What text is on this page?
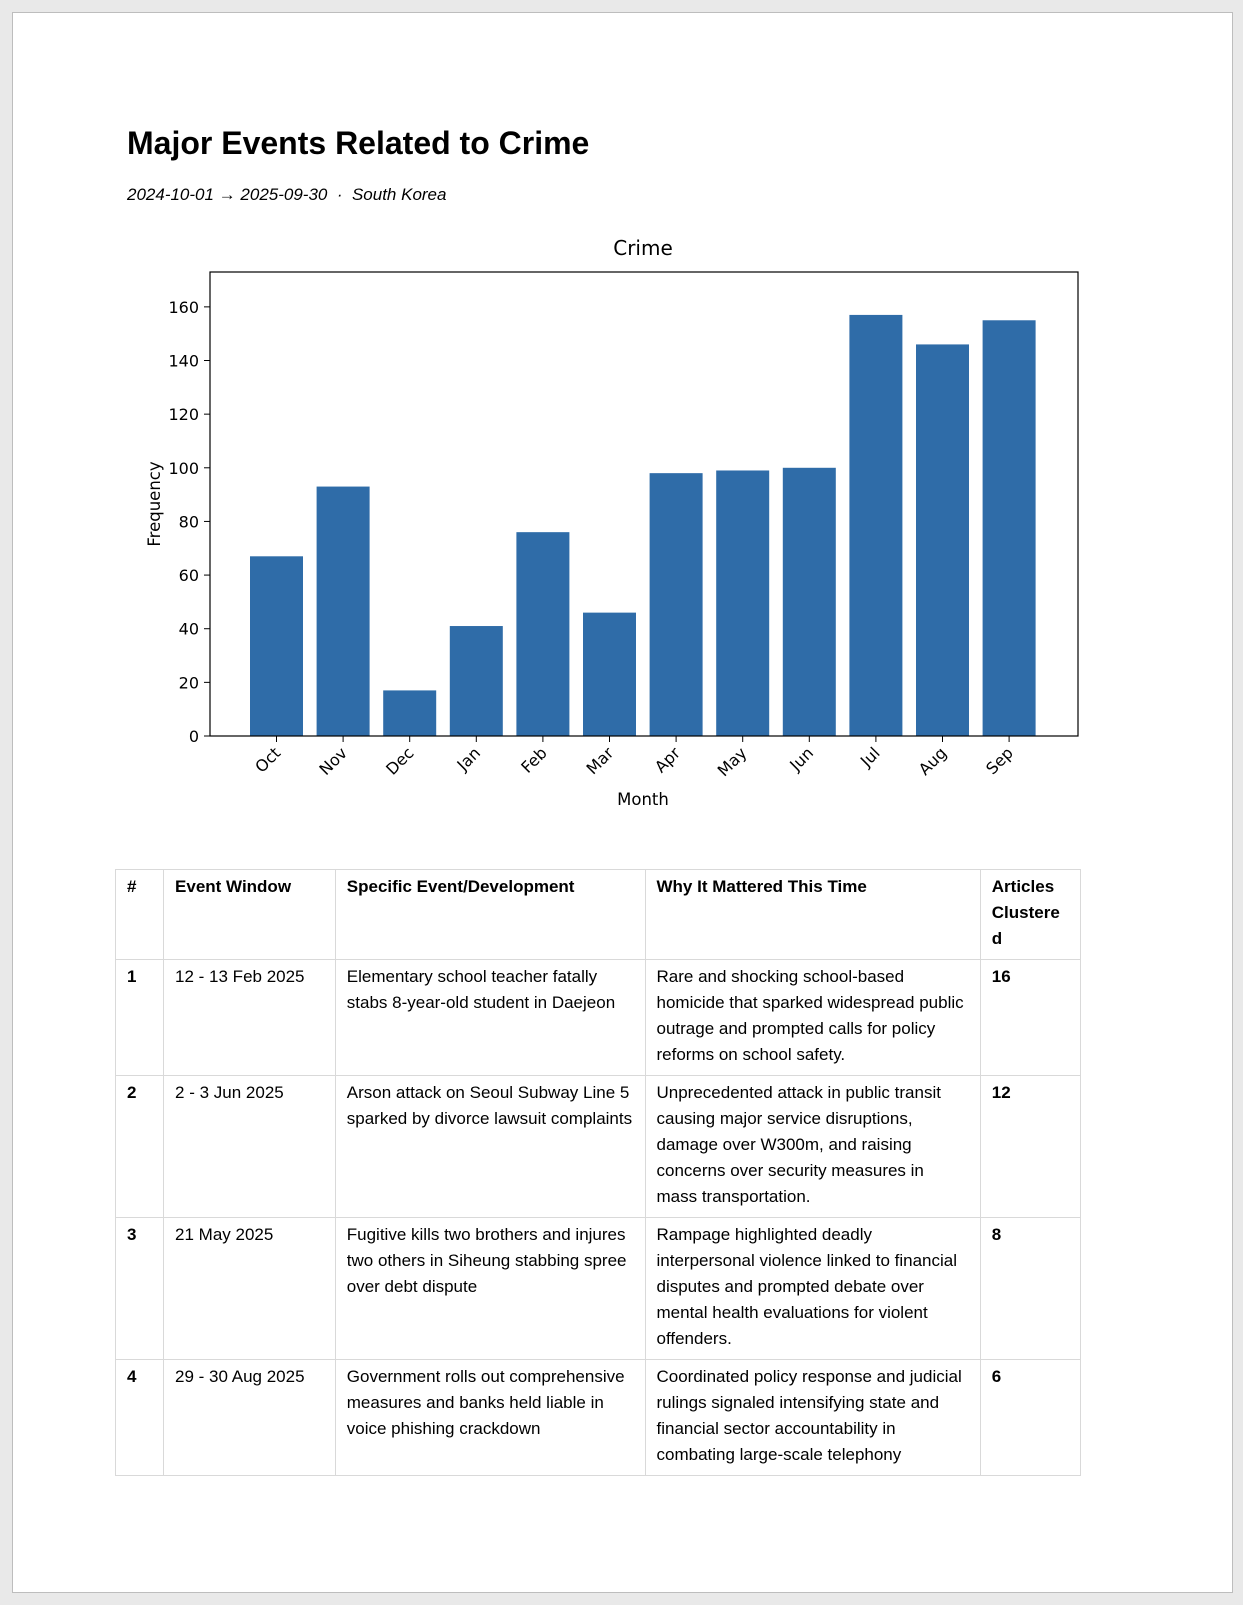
Major Events Related to Crime
2024-10-01 → 2025-09-30 · South Korea
Crime
0
20
40
60
80
100
120
140
160
Oct Nov Dec Jan Feb Mar Apr May Jun Jul Aug Sep
Month
Frequency
#	Event Window	Specific Event/Development	Why It Mattered This Time	Articles Clustered
1	12 - 13 Feb 2025	Elementary school teacher fatally stabs 8-year-old student in Daejeon	Rare and shocking school-based homicide that sparked widespread public outrage and prompted calls for policy reforms on school safety.	16
2	2 - 3 Jun 2025	Arson attack on Seoul Subway Line 5 sparked by divorce lawsuit complaints	Unprecedented attack in public transit causing major service disruptions, damage over W300m, and raising concerns over security measures in mass transportation.	12
3	21 May 2025	Fugitive kills two brothers and injures two others in Siheung stabbing spree over debt dispute	Rampage highlighted deadly interpersonal violence linked to financial disputes and prompted debate over mental health evaluations for violent offenders.	8
4	29 - 30 Aug 2025	Government rolls out comprehensive measures and banks held liable in voice phishing crackdown	Coordinated policy response and judicial rulings signaled intensifying state and financial sector accountability in combating large-scale telephony	6
